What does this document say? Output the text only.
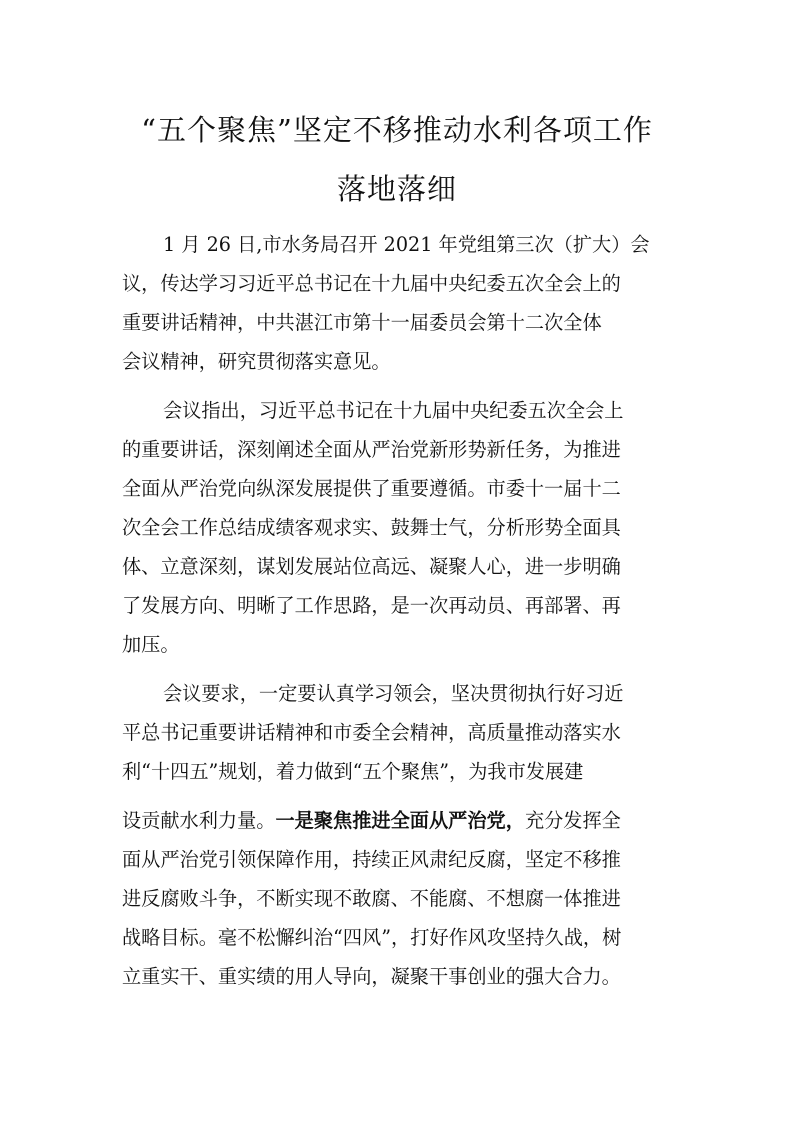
“五个聚焦”坚定不移推动水利各项工作
落地落细

1 月 26 日,市水务局召开 2021 年党组第三次（扩大）会

议，传达学习习近平总书记在十九届中央纪委五次全会上的

重要讲话精神，中共湛江市第十一届委员会第十二次全体

会议精神，研究贯彻落实意见。

会议指出，习近平总书记在十九届中央纪委五次全会上

的重要讲话，深刻阐述全面从严治党新形势新任务，为推进

全面从严治党向纵深发展提供了重要遵循。市委十一届十二

次全会工作总结成绩客观求实、鼓舞士气，分析形势全面具

体、立意深刻，谋划发展站位高远、凝聚人心，进一步明确

了发展方向、明晰了工作思路，是一次再动员、再部署、再

加压。

会议要求，一定要认真学习领会，坚决贯彻执行好习近

平总书记重要讲话精神和市委全会精神，高质量推动落实水

利“十四五”规划，着力做到“五个聚焦”，为我市发展建

设贡献水利力量。一是聚焦推进全面从严治党，充分发挥全

面从严治党引领保障作用，持续正风肃纪反腐，坚定不移推

进反腐败斗争，不断实现不敢腐、不能腐、不想腐一体推进

战略目标。毫不松懈纠治“四风”，打好作风攻坚持久战，树

立重实干、重实绩的用人导向，凝聚干事创业的强大合力。
